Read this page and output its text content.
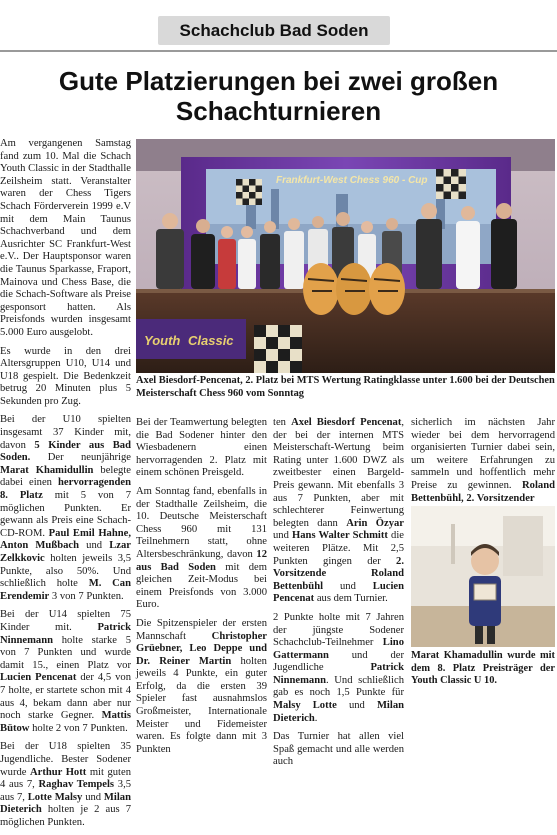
Schachclub Bad Soden
Gute Platzierungen bei zwei großen
Schachturnieren

Am vergangenen Samstag fand zum 10. Mal die Schach Youth Classic in der Stadthalle Zeilsheim statt. Veranstalter waren der Chess Tigers Schach Förderverein 1999 e.V mit dem Main Taunus Schachverband und dem Ausrichter SC Frankfurt-West e.V.. Der Hauptsponsor waren die Taunus Sparkasse, Fraport, Mainova und Chess Base, die die Schach-Software als Preise gesponsort hatten. Als Preisfonds wurden insgesamt 5.000 Euro ausgelobt.

Es wurde in den drei Altersgruppen U10, U14 und U18 gespielt. Die Bedenkzeit betrug 20 Minuten plus 5 Sekunden pro Zug.

Bei der U10 spielten insgesamt 37 Kinder mit, davon 5 Kinder aus Bad Soden. Der neunjährige Marat Khamidullin belegte dabei einen hervorragenden 8. Platz mit 5 von 7 möglichen Punkten. Er gewann als Preis eine Schach-CD-ROM. Paul Emil Hahne, Anton Mußbach und Lzar Zelkkovic holten jeweils 3,5 Punkte, also 50%. Und schließlich holte M. Can Erendemir 3 von 7 Punkten.

Bei der U14 spielten 75 Kinder mit. Patrick Ninnemann holte starke 5 von 7 Punkten und wurde damit 15., einen Platz vor Lucien Pencenat der 4,5 von 7 holte, er startete schon mit 4 aus 4, bekam dann aber nur noch starke Gegner. Mattis Bütow holte 2 von 7 Punkten.

Bei der U18 spielten 35 Jugendliche. Bester Sodener wurde Arthur Hott mit guten 4 aus 7, Raghav Tempels 3,5 aus 7, Lotte Malsy und Milan Dieterich holten je 2 aus 7 möglichen Punkten.

Frankfurt-West Chess 960 - Cup
Youth Classic
Axel Biesdorf-Pencenat, 2. Platz bei MTS Wertung Ratingklasse unter 1.600 bei der Deutschen Meisterschaft Chess 960 vom Sonntag

Bei der Teamwertung belegten die Bad Sodener hinter den Wiesbadenern einen hervorragenden 2. Platz mit einem schönen Preisgeld.

Am Sonntag fand, ebenfalls in der Stadthalle Zeilsheim, die 10. Deutsche Meisterschaft Chess 960 mit 131 Teilnehmern statt, ohne Altersbeschränkung, davon 12 aus Bad Soden mit dem gleichen Zeit-Modus bei einem Preisfonds von 3.000 Euro.

Die Spitzenspieler der ersten Mannschaft Christopher Grüebner, Leo Deppe und Dr. Reiner Martin holten jeweils 4 Punkte, ein guter Erfolg, da die ersten 39 Spieler fast ausnahmslos Großmeister, Internationale Meister und Fidemeister waren. Es folgte dann mit 3 Punkten

ten Axel Biesdorf Pencenat, der bei der internen MTS Meisterschaft-Wertung beim Rating unter 1.600 DWZ als zweitbester einen Bargeld-Preis gewann. Mit ebenfalls 3 aus 7 Punkten, aber mit schlechterer Feinwertung belegten dann Arin Özyar und Hans Walter Schmitt die weiteren Plätze. Mit 2,5 Punkten gingen der 2. Vorsitzende Roland Bettenbühl und Lucien Pencenat aus dem Turnier.

2 Punkte holte mit 7 Jahren der jüngste Sodener Schachclub-Teilnehmer Lino Gattermann und der Jugendliche Patrick Ninnemann. Und schließlich gab es noch 1,5 Punkte für Malsy Lotte und Milan Dieterich.

Das Turnier hat allen viel Spaß gemacht und alle werden auch

sicherlich im nächsten Jahr wieder bei dem hervorragend organisierten Turnier dabei sein, um weitere Erfahrungen zu sammeln und hoffentlich mehr Preise zu gewinnen. Roland Bettenbühl, 2. Vorsitzender

Marat Khamadullin wurde mit dem 8. Platz Preisträger der Youth Classic U 10.
